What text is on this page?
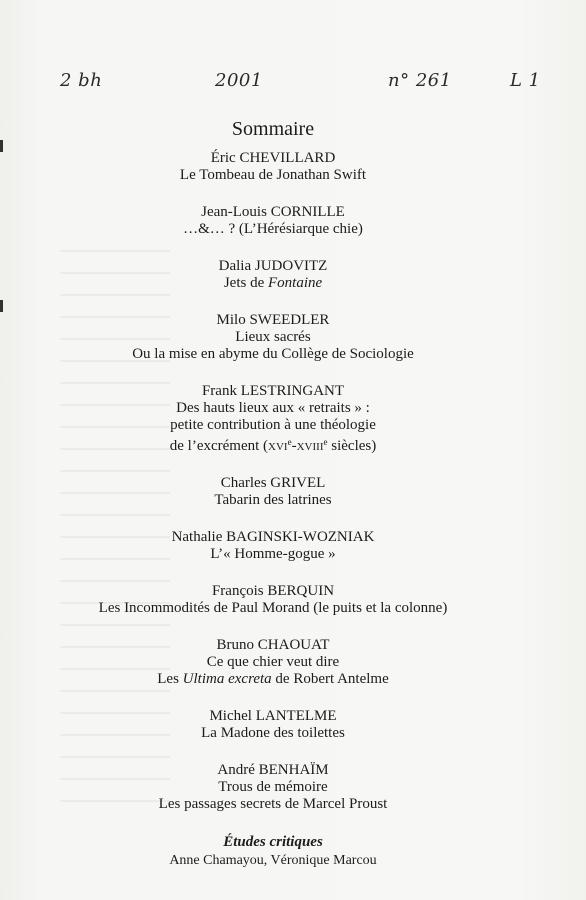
2 bh	2001	n° 261	L 1
Sommaire
Éric CHEVILLARD
Le Tombeau de Jonathan Swift
Jean-Louis CORNILLE
…&… ? (L’Hérésiarque chie)
Dalia JUDOVITZ
Jets de Fontaine
Milo SWEEDLER
Lieux sacrés
Ou la mise en abyme du Collège de Sociologie
Frank LESTRINGANT
Des hauts lieux aux « retraits » :
petite contribution à une théologie
de l’excrément (xvi$^e$-xviii$^e$ siècles)
Charles GRIVEL
Tabarin des latrines
Nathalie BAGINSKI-WOZNIAK
L’« Homme-gogue »
François BERQUIN
Les Incommodités de Paul Morand (le puits et la colonne)
Bruno CHAOUAT
Ce que chier veut dire
Les Ultima excreta de Robert Antelme
Michel LANTELME
La Madone des toilettes
André BENHAÏM
Trous de mémoire
Les passages secrets de Marcel Proust
Études critiques
Anne Chamayou, Véronique Marcou
